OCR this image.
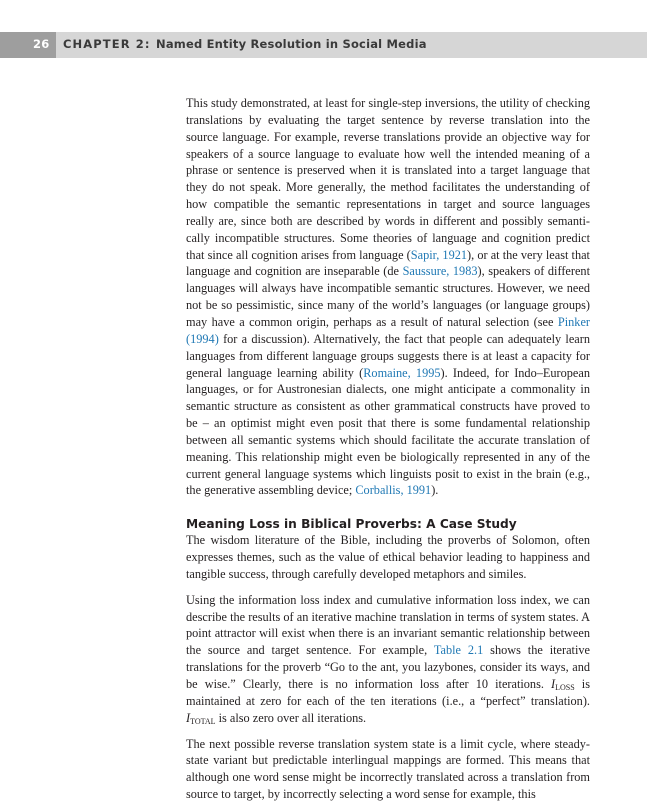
26 CHAPTER 2: Named Entity Resolution in Social Media

This study demonstrated, at least for single-step inversions, the utility of checking translations by evaluating the target sentence by reverse translation into the source language. For example, reverse translations provide an objective way for speakers of a source language to evaluate how well the intended meaning of a phrase or sentence is preserved when it is translated into a target language that they do not speak. More generally, the method facilitates the understanding of how compatible the semantic representations in target and source languages really are, since both are described by words in different and possibly semantically incompatible structures. Some theories of language and cognition predict that since all cognition arises from language (Sapir, 1921), or at the very least that language and cognition are inseparable (de Saussure, 1983), speakers of different languages will always have incompatible semantic structures. However, we need not be so pessimistic, since many of the world’s languages (or language groups) may have a common origin, perhaps as a result of natural selection (see Pinker (1994) for a discussion). Alternatively, the fact that people can adequately learn languages from different language groups suggests there is at least a capacity for general language learning ability (Romaine, 1995). Indeed, for Indo–European languages, or for Austronesian dialects, one might anticipate a commonality in semantic structure as consistent as other grammatical constructs have proved to be – an optimist might even posit that there is some fundamental relationship between all semantic systems which should facilitate the accurate translation of meaning. This relationship might even be biologically represented in any of the current general language systems which linguists posit to exist in the brain (e.g., the generative assembling device; Corballis, 1991).

Meaning Loss in Biblical Proverbs: A Case Study

The wisdom literature of the Bible, including the proverbs of Solomon, often expresses themes, such as the value of ethical behavior leading to happiness and tangible success, through carefully developed metaphors and similes.

Using the information loss index and cumulative information loss index, we can describe the results of an iterative machine translation in terms of system states. A point attractor will exist when there is an invariant semantic relationship between the source and target sentence. For example, Table 2.1 shows the iterative translations for the proverb “Go to the ant, you lazybones, consider its ways, and be wise.” Clearly, there is no information loss after 10 iterations. $I_{LOSS}$ is maintained at zero for each of the ten iterations (i.e., a “perfect” translation). $I_{TOTAL}$ is also zero over all iterations.

The next possible reverse translation system state is a limit cycle, where steady-state variant but predictable interlingual mappings are formed. This means that although one word sense might be incorrectly translated across a translation from source to target, by incorrectly selecting a word sense for example, this
